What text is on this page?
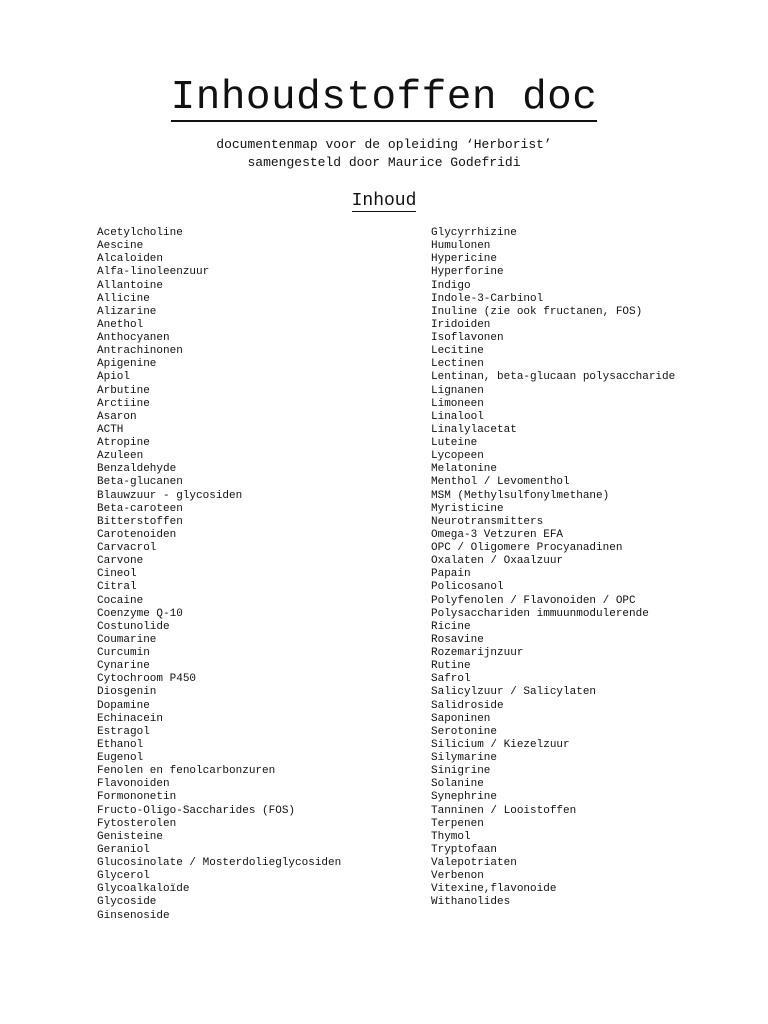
Inhoudstoffen doc
documentenmap voor de opleiding ‘Herborist’
samengesteld door Maurice Godefridi
Inhoud
Acetylcholine
Aescine
Alcaloiden
Alfa-linoleenzuur
Allantoine
Allicine
Alizarine
Anethol
Anthocyanen
Antrachinonen
Apigenine
Apiol
Arbutine
Arctiine
Asaron
ACTH
Atropine
Azuleen
Benzaldehyde
Beta-glucanen
Blauwzuur - glycosiden
Beta-caroteen
Bitterstoffen
Carotenoiden
Carvacrol
Carvone
Cineol
Citral
Cocaine
Coenzyme Q-10
Costunolide
Coumarine
Curcumin
Cynarine
Cytochroom P450
Diosgenin
Dopamine
Echinacein
Estragol
Ethanol
Eugenol
Fenolen en fenolcarbonzuren
Flavonoiden
Formononetin
Fructo-Oligo-Saccharides (FOS)
Fytosterolen
Genisteine
Geraniol
Glucosinolate / Mosterdolieglycosiden
Glycerol
Glycoalkaloïde
Glycoside
Ginsenoside
Glycyrrhizine
Humulonen
Hypericine
Hyperforine
Indigo
Indole-3-Carbinol
Inuline (zie ook fructanen, FOS)
Iridoiden
Isoflavonen
Lecitine
Lectinen
Lentinan, beta-glucaan polysaccharide
Lignanen
Limoneen
Linalool
Linalylacetat
Luteine
Lycopeen
Melatonine
Menthol / Levomenthol
MSM (Methylsulfonylmethane)
Myristicine
Neurotransmitters
Omega-3 Vetzuren EFA
OPC / Oligomere Procyanadinen
Oxalaten / Oxaalzuur
Papain
Policosanol
Polyfenolen / Flavonoiden / OPC
Polysacchariden immuunmodulerende
Ricine
Rosavine
Rozemarijnzuur
Rutine
Safrol
Salicylzuur / Salicylaten
Salidroside
Saponinen
Serotonine
Silicium / Kiezelzuur
Silymarine
Sinigrine
Solanine
Synephrine
Tanninen / Looistoffen
Terpenen
Thymol
Tryptofaan
Valepotriaten
Verbenon
Vitexine,flavonoide
Withanolides
